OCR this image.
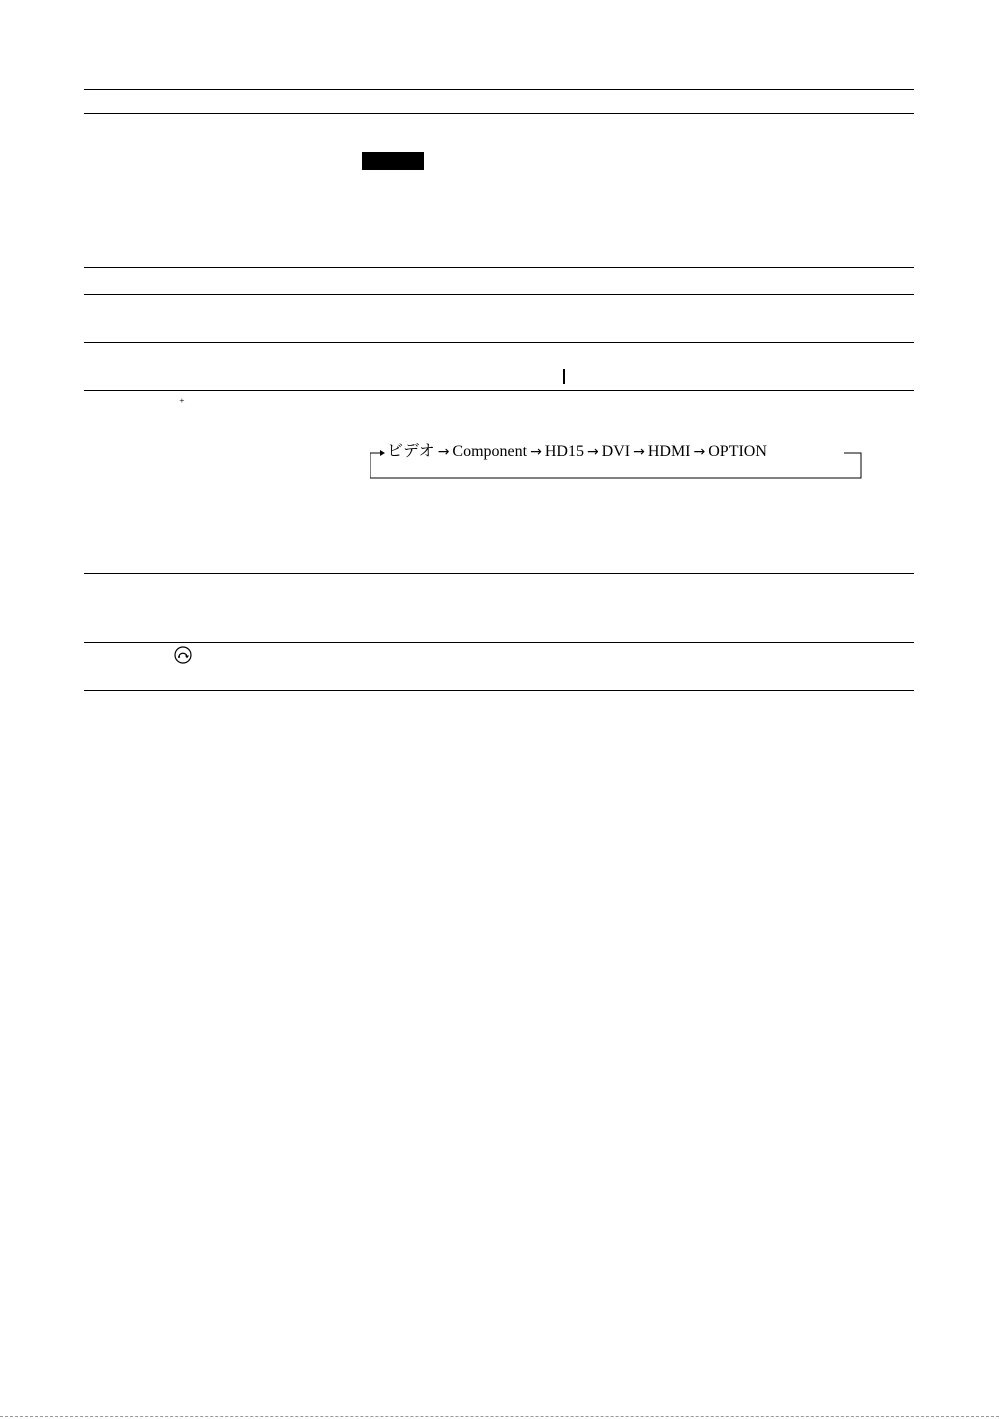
⁺
ビデオ → Component → HD15 → DVI → HDMI → OPTION
